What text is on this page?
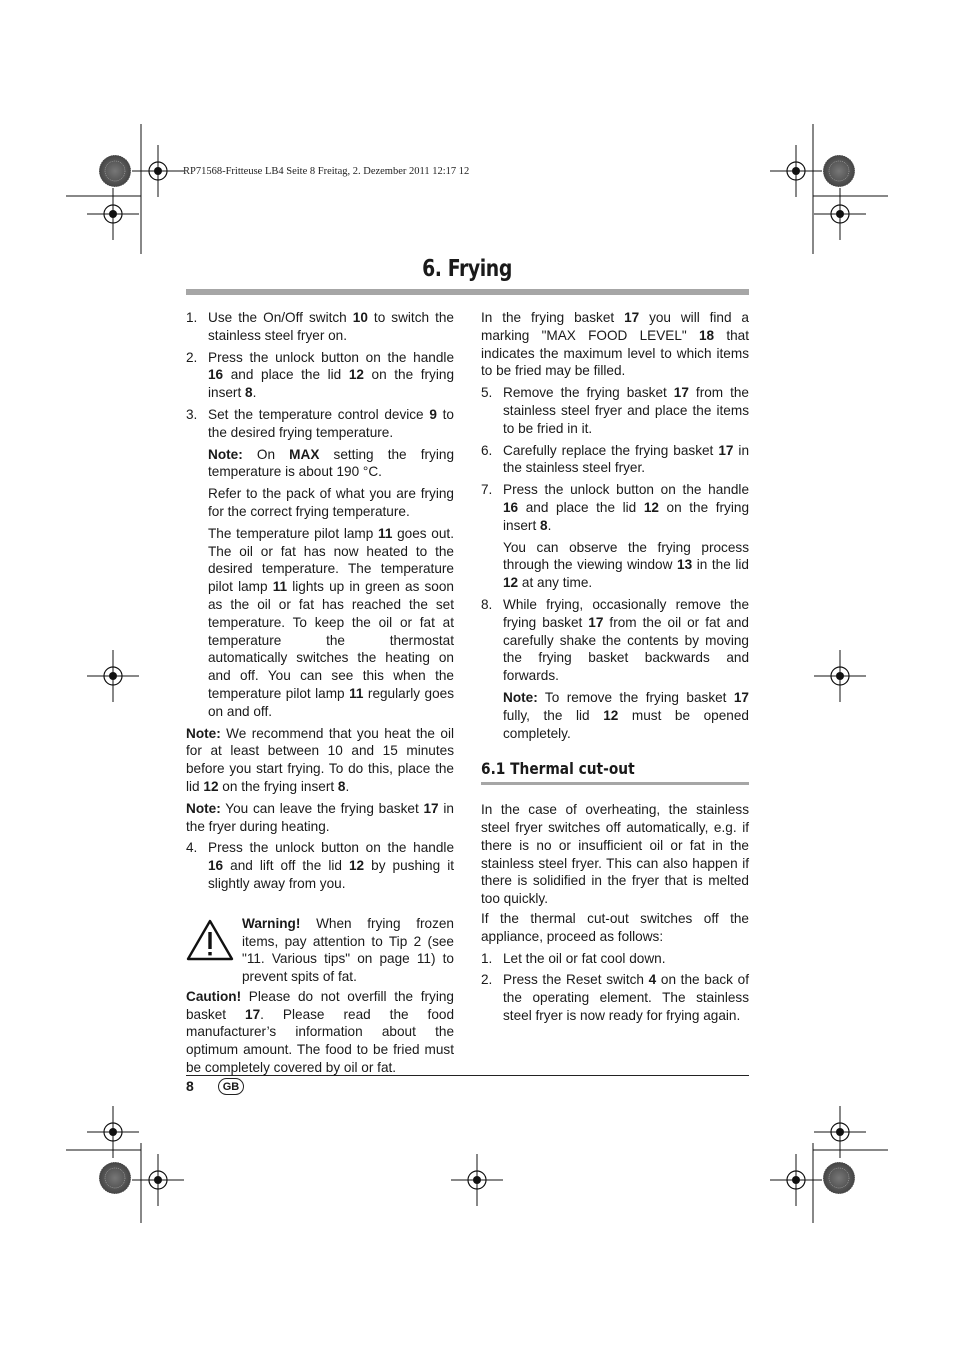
RP71568-Fritteuse LB4 Seite 8 Freitag, 2. Dezember 2011 12:17 12
6. Frying
1. Use the On/Off switch 10 to switch the stainless steel fryer on.
2. Press the unlock button on the handle 16 and place the lid 12 on the frying insert 8.
3. Set the temperature control device 9 to the desired frying temperature.

Note: On MAX setting the frying temperature is about 190 °C.

Refer to the pack of what you are frying for the correct frying temperature.

The temperature pilot lamp 11 goes out. The oil or fat has now heated to the desired temperature. The temperature pilot lamp 11 lights up in green as soon as the oil or fat has reached the set temperature. To keep the oil or fat at temperature the thermostat automatically switches the heating on and off. You can see this when the temperature pilot lamp 11 regularly goes on and off.

Note: We recommend that you heat the oil for at least between 10 and 15 minutes before you start frying. To do this, place the lid 12 on the frying insert 8.

Note: You can leave the frying basket 17 in the fryer during heating.

4. Press the unlock button on the handle 16 and lift off the lid 12 by pushing it slightly away from you.

Warning! When frying frozen items, pay attention to Tip 2 (see "11. Various tips" on page 11) to prevent spits of fat.

Caution! Please do not overfill the frying basket 17. Please read the food manufacturer’s information about the optimum amount. The food to be fried must be completely covered by oil or fat.

In the frying basket 17 you will find a marking "MAX FOOD LEVEL" 18 that indicates the maximum level to which items to be fried may be filled.

5. Remove the frying basket 17 from the stainless steel fryer and place the items to be fried in it.
6. Carefully replace the frying basket 17 in the stainless steel fryer.
7. Press the unlock button on the handle 16 and place the lid 12 on the frying insert 8.

You can observe the frying process through the viewing window 13 in the lid 12 at any time.

8. While frying, occasionally remove the frying basket 17 from the oil or fat and carefully shake the contents by moving the frying basket backwards and forwards.

Note: To remove the frying basket 17 fully, the lid 12 must be opened completely.

6.1 Thermal cut-out

In the case of overheating, the stainless steel fryer switches off automatically, e.g. if there is no or insufficient oil or fat in the stainless steel fryer. This can also happen if there is solidified in the fryer that is melted too quickly.

If the thermal cut-out switches off the appliance, proceed as follows:

1. Let the oil or fat cool down.
2. Press the Reset switch 4 on the back of the operating element. The stainless steel fryer is now ready for frying again.
8	GB
